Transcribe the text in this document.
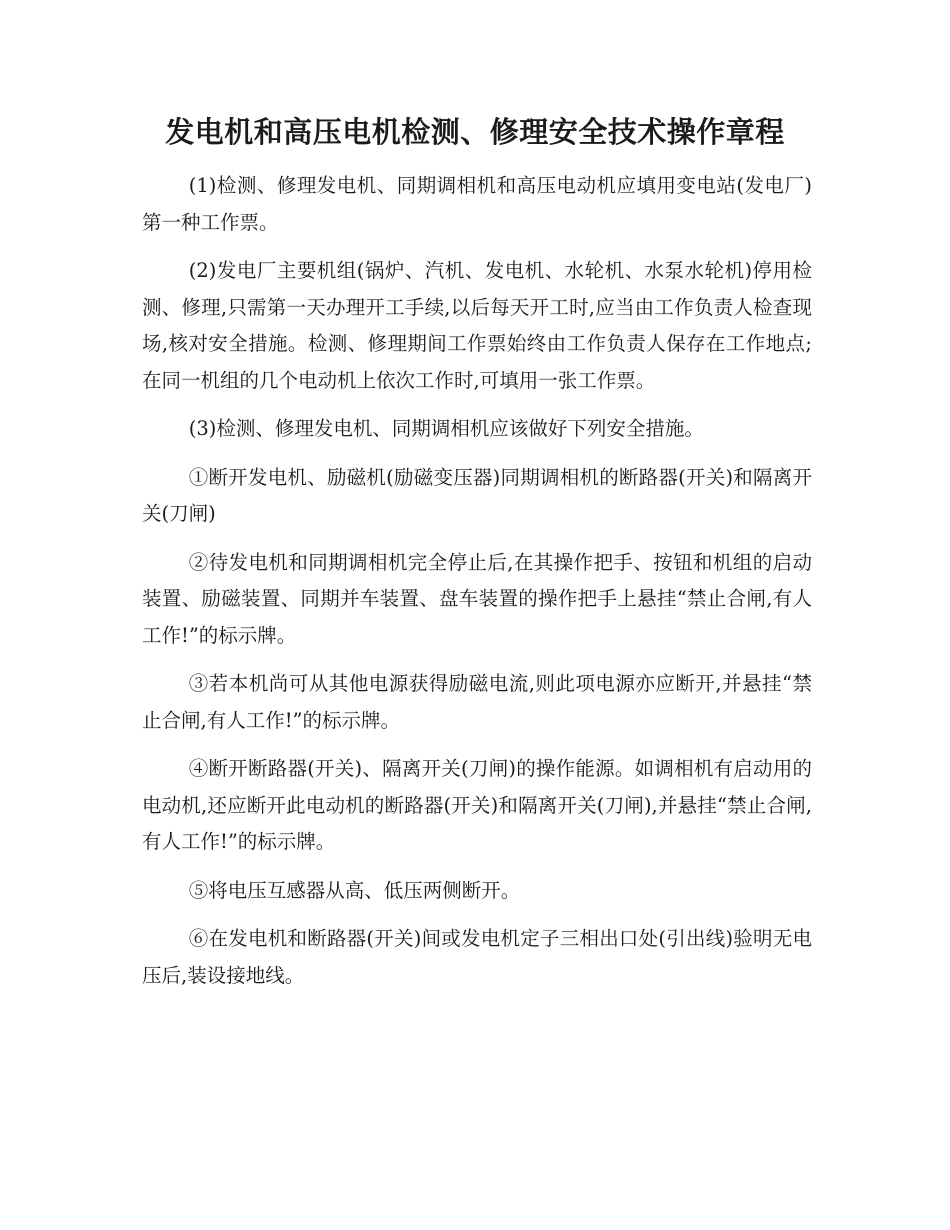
发电机和高压电机检测、修理安全技术操作章程

(1)检测、修理发电机、同期调相机和高压电动机应填用变电站(发电厂)第一种工作票。

(2)发电厂主要机组(锅炉、汽机、发电机、水轮机、水泵水轮机)停用检测、修理,只需第一天办理开工手续,以后每天开工时,应当由工作负责人检查现场,核对安全措施。检测、修理期间工作票始终由工作负责人保存在工作地点;在同一机组的几个电动机上依次工作时,可填用一张工作票。

(3)检测、修理发电机、同期调相机应该做好下列安全措施。

①断开发电机、励磁机(励磁变压器)同期调相机的断路器(开关)和隔离开关(刀闸)

②待发电机和同期调相机完全停止后,在其操作把手、按钮和机组的启动装置、励磁装置、同期并车装置、盘车装置的操作把手上悬挂“禁止合闸,有人工作!”的标示牌。

③若本机尚可从其他电源获得励磁电流,则此项电源亦应断开,并悬挂“禁止合闸,有人工作!”的标示牌。

④断开断路器(开关)、隔离开关(刀闸)的操作能源。如调相机有启动用的电动机,还应断开此电动机的断路器(开关)和隔离开关(刀闸),并悬挂“禁止合闸,有人工作!”的标示牌。

⑤将电压互感器从高、低压两侧断开。

⑥在发电机和断路器(开关)间或发电机定子三相出口处(引出线)验明无电压后,装设接地线。
